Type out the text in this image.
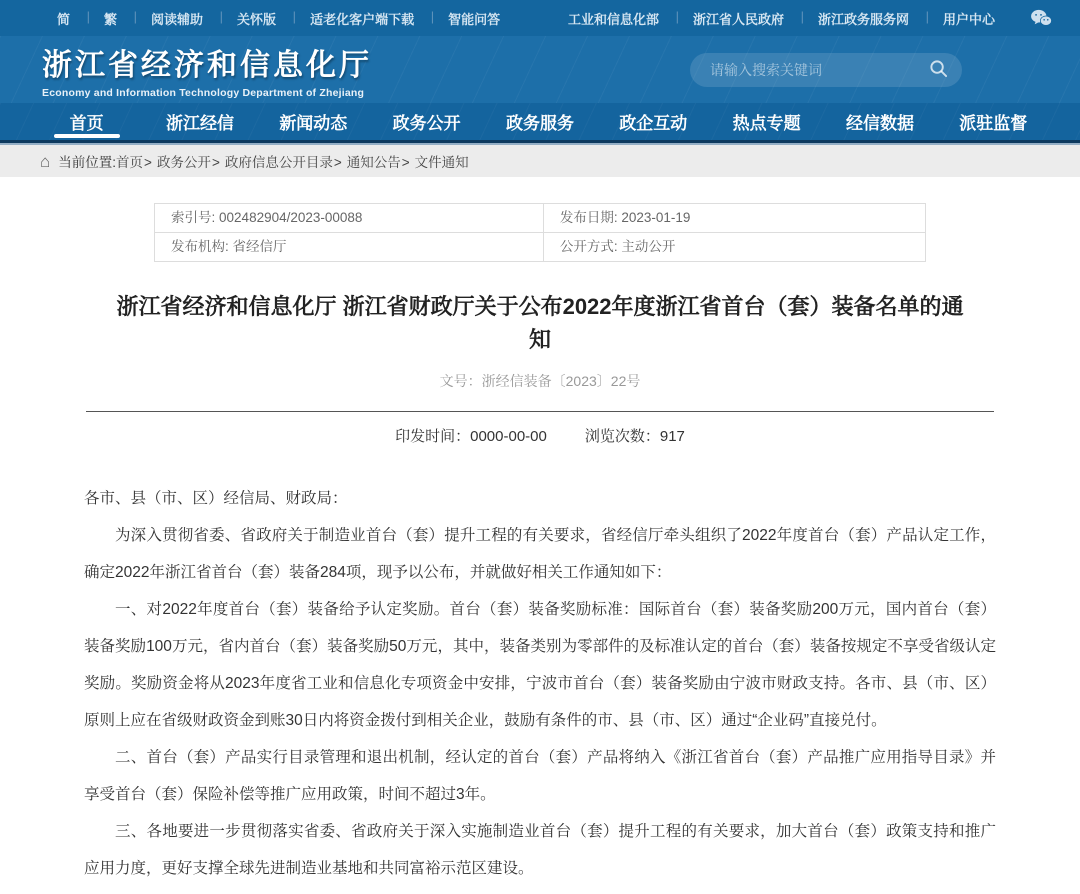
简 |	繁 |	阅读辅助 |	关怀版 |	适老化客户端下载 |	智能问答	工业和信息化部 |	浙江省人民政府 |	浙江政务服务网 |	用户中心
浙江省经济和信息化厅
Economy and Information Technology Department of Zhejiang
请输入搜索关键词
首页	浙江经信	新闻动态	政务公开	政务服务	政企互动	热点专题	经信数据	派驻监督
⌂ 当前位置: 首页 >	政务公开 >	政府信息公开目录 >	通知公告 >	文件通知
索引号: 002482904/2023-00088	发布日期: 2023-01-19
发布机构: 省经信厅	公开方式: 主动公开
浙江省经济和信息化厅 浙江省财政厅关于公布2022年度浙江省首台（套）装备名单的通知
文号：浙经信装备〔2023〕22号
印发时间：0000-00-00	浏览次数：917

各市、县（市、区）经信局、财政局：

为深入贯彻省委、省政府关于制造业首台（套）提升工程的有关要求，省经信厅牵头组织了2022年度首台（套）产品认定工作，确定2022年浙江省首台（套）装备284项，现予以公布，并就做好相关工作通知如下：

一、对2022年度首台（套）装备给予认定奖励。首台（套）装备奖励标准：国际首台（套）装备奖励200万元，国内首台（套）装备奖励100万元，省内首台（套）装备奖励50万元，其中，装备类别为零部件的及标准认定的首台（套）装备按规定不享受省级认定奖励。奖励资金将从2023年度省工业和信息化专项资金中安排，宁波市首台（套）装备奖励由宁波市财政支持。各市、县（市、区）原则上应在省级财政资金到账30日内将资金拨付到相关企业，鼓励有条件的市、县（市、区）通过“企业码”直接兑付。

二、首台（套）产品实行目录管理和退出机制，经认定的首台（套）产品将纳入《浙江省首台（套）产品推广应用指导目录》并享受首台（套）保险补偿等推广应用政策，时间不超过3年。

三、各地要进一步贯彻落实省委、省政府关于深入实施制造业首台（套）提升工程的有关要求，加大首台（套）政策支持和推广应用力度，更好支撑全球先进制造业基地和共同富裕示范区建设。
